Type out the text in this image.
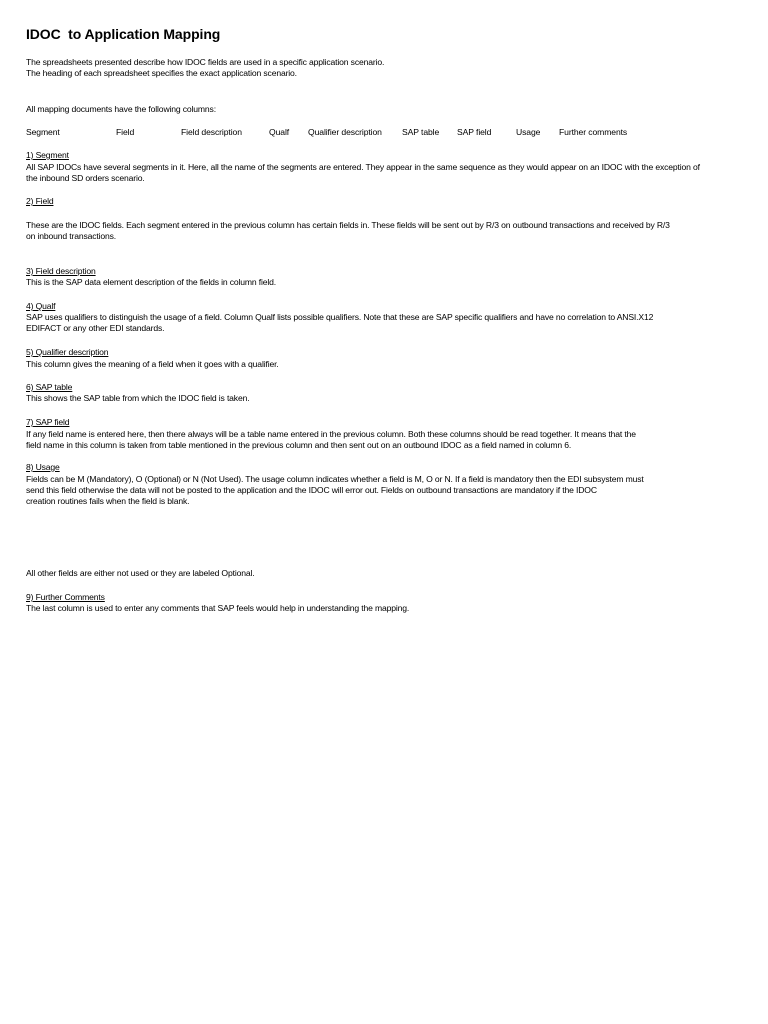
IDOC  to Application Mapping
The spreadsheets presented describe how IDOC fields are used in a specific application scenario.
The heading of each spreadsheet specifies the exact application scenario.
All mapping documents have the following columns:
Segment	Field	Field description	Qualf Qualifier description SAP table SAP field	Usage Further comments
1) Segment
All SAP IDOCs have several segments in it. Here, all the name of the segments are entered. They appear in the same sequence as they would appear on an IDOC with the exception of
the inbound SD orders scenario.
2) Field
These are the IDOC fields. Each segment entered in the previous column has certain fields in. These fields will be sent out by R/3 on outbound transactions and received by R/3
on inbound transactions.
3) Field description
This is the SAP data element description of the fields in column field.
4) Qualf
SAP uses qualifiers to distinguish the usage of a field. Column Qualf lists possible qualifiers. Note that these are SAP specific qualifiers and have no correlation to ANSI.X12
EDIFACT or any other EDI standards.
5) Qualifier description
This column gives the meaning of a field when it goes with a qualifier.
6) SAP table
This shows the SAP table from which the IDOC field is taken.
7) SAP field
If any field name is entered here, then there always will be a table name entered in the previous column. Both these columns should be read together. It means that the
field name in this column is taken from table mentioned in the previous column and then sent out on an outbound IDOC as a field named in column 6.
8) Usage
Fields can be M (Mandatory), O (Optional) or N (Not Used). The usage column indicates whether a field is M, O or N. If a field is mandatory then the EDI subsystem must
send this field otherwise the data will not be posted to the application and the IDOC will error out. Fields on outbound transactions are mandatory if the IDOC
creation routines fails when the field is blank.
All other fields are either not used or they are labeled Optional.
9) Further Comments
The last column is used to enter any comments that SAP feels would help in understanding the mapping.
